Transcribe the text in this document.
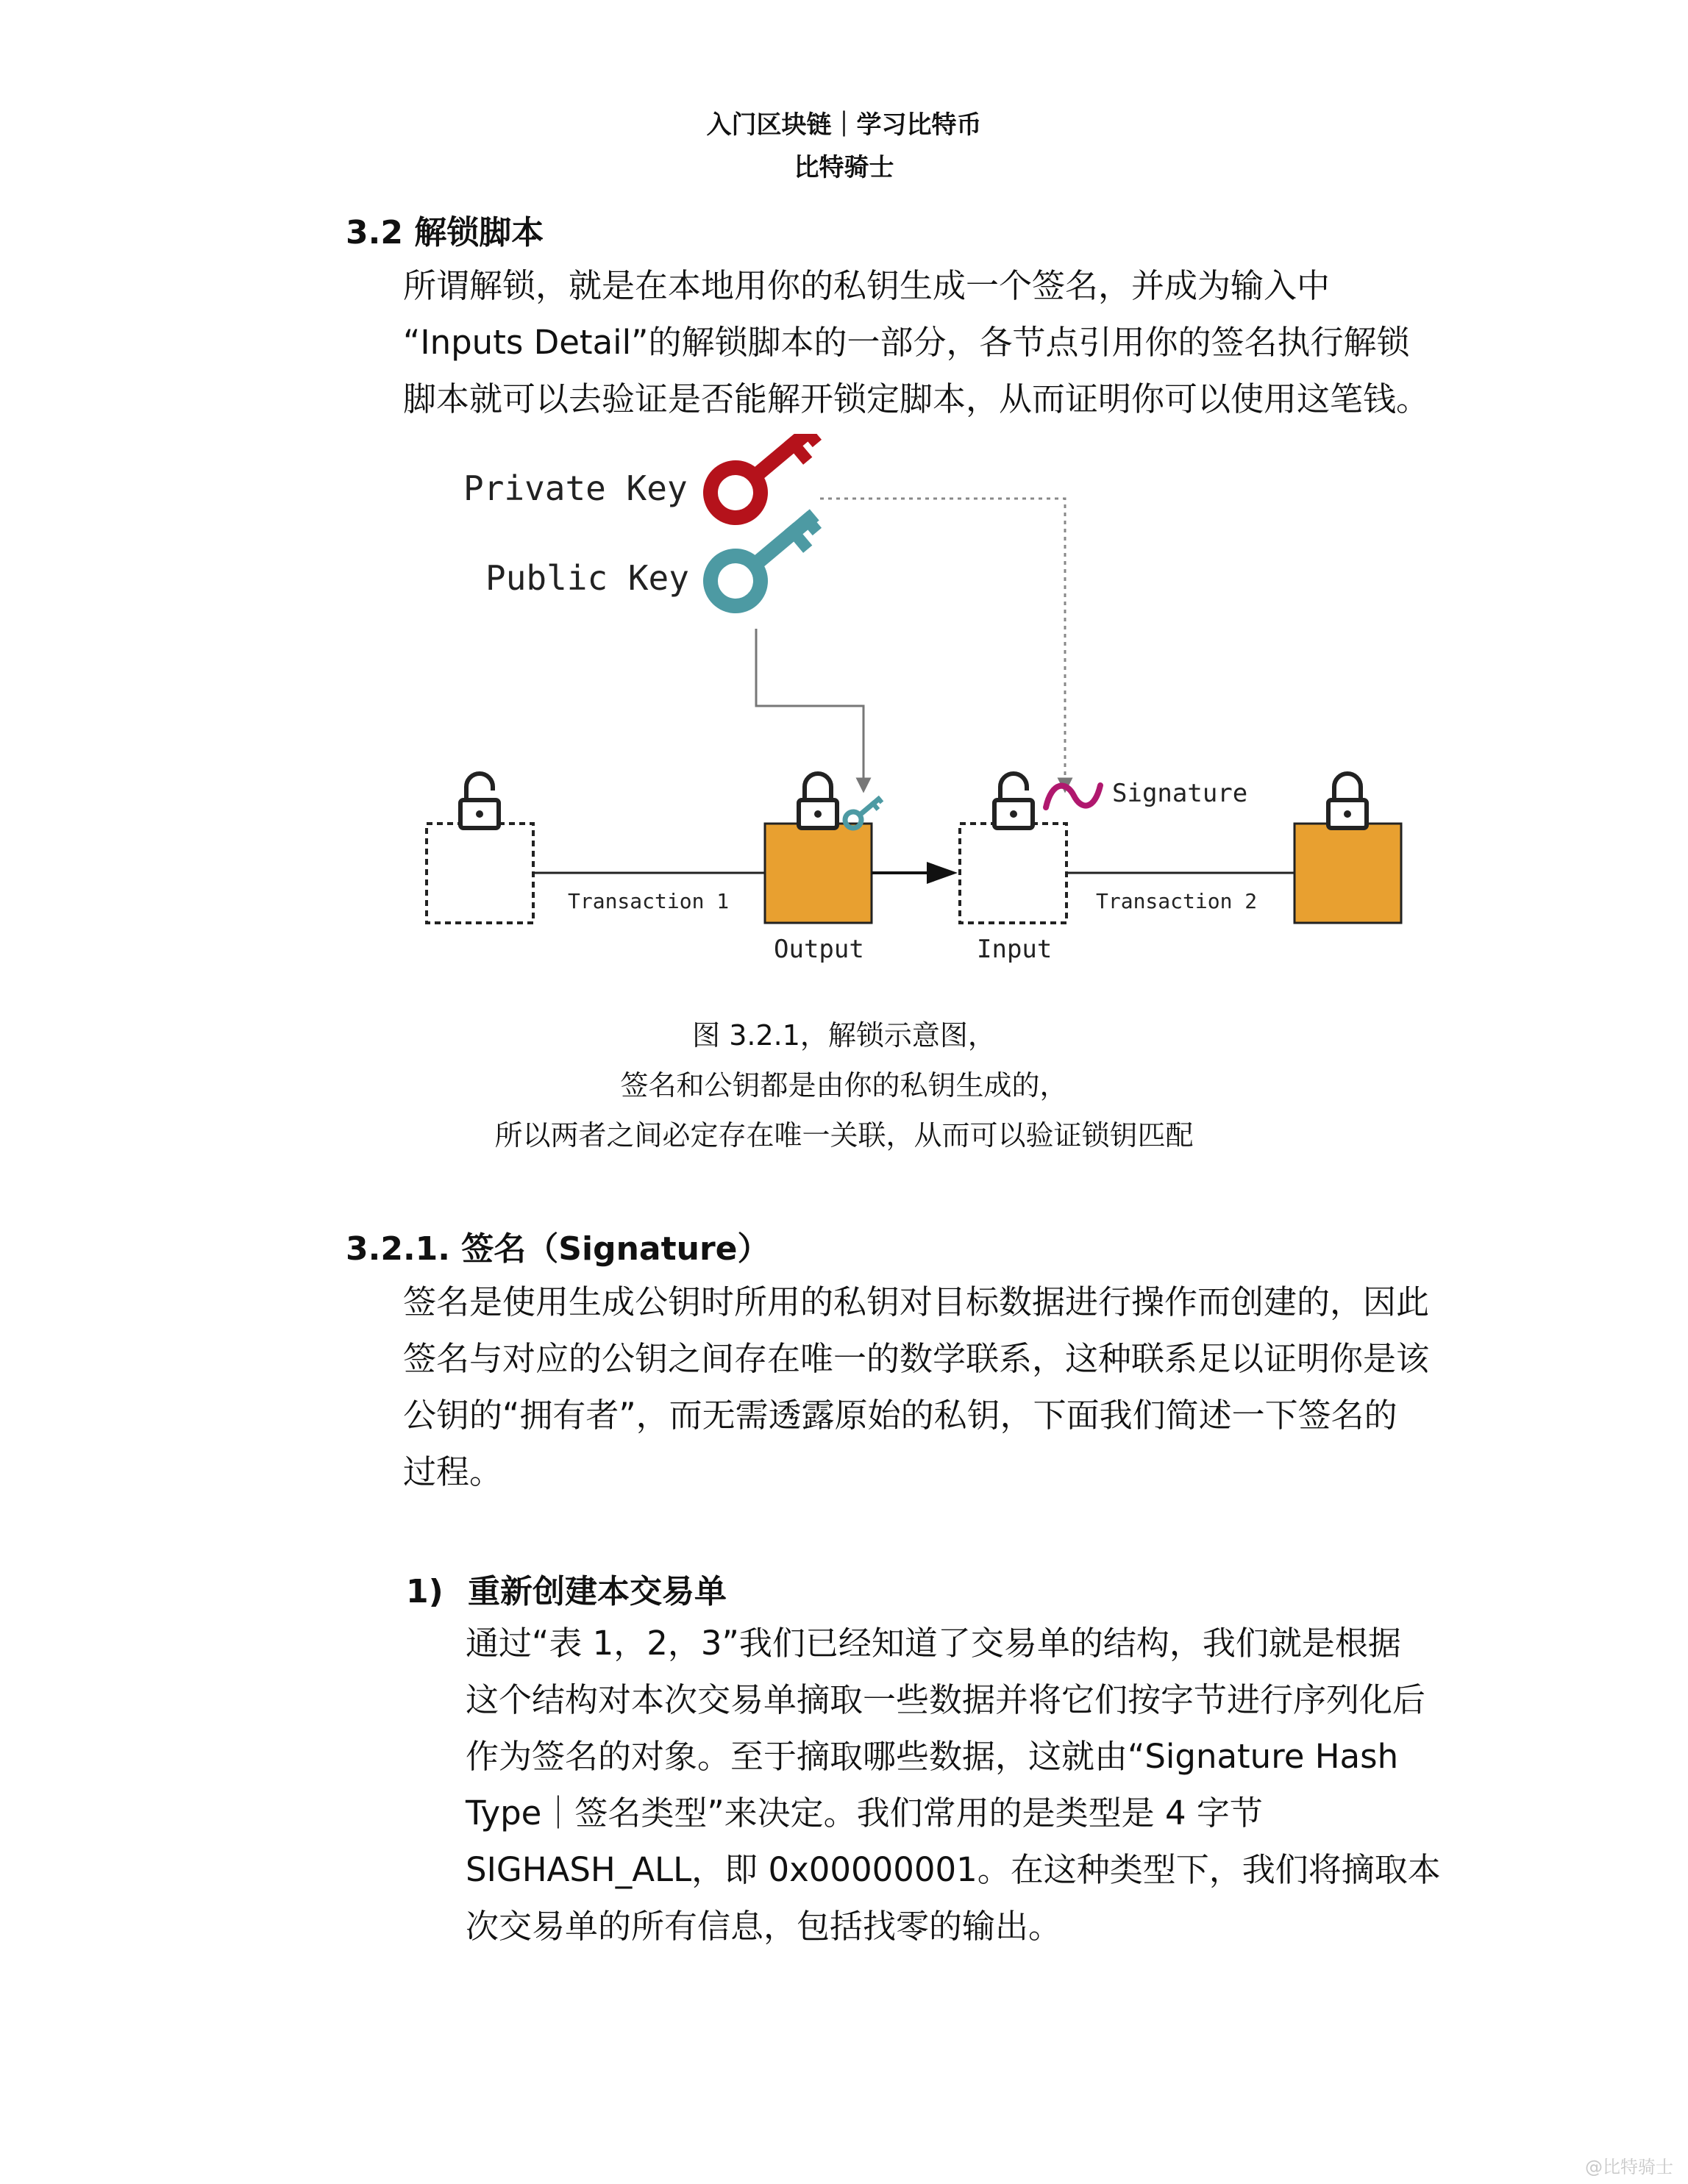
入门区块链｜学习比特币
比特骑士
3.2 解锁脚本
所谓解锁，就是在本地用你的私钥生成一个签名，并成为输入中
“Inputs Detail”的解锁脚本的一部分，各节点引用你的签名执行解锁
脚本就可以去验证是否能解开锁定脚本，从而证明你可以使用这笔钱。
Private Key
Public Key
Transaction 1
Output
Signature
Input
Transaction 2
图 3.2.1，解锁示意图，
签名和公钥都是由你的私钥生成的，
所以两者之间必定存在唯一关联，从而可以验证锁钥匹配
3.2.1. 签名（Signature）
签名是使用生成公钥时所用的私钥对目标数据进行操作而创建的，因此
签名与对应的公钥之间存在唯一的数学联系，这种联系足以证明你是该
公钥的“拥有者”，而无需透露原始的私钥，下面我们简述一下签名的
过程。
1) 重新创建本交易单
通过“表 1，2，3”我们已经知道了交易单的结构，我们就是根据
这个结构对本次交易单摘取一些数据并将它们按字节进行序列化后
作为签名的对象。至于摘取哪些数据，这就由“Signature Hash
Type｜签名类型”来决定。我们常用的是类型是 4 字节
SIGHASH_ALL，即 0x00000001。在这种类型下，我们将摘取本
次交易单的所有信息，包括找零的输出。
@比特骑士
